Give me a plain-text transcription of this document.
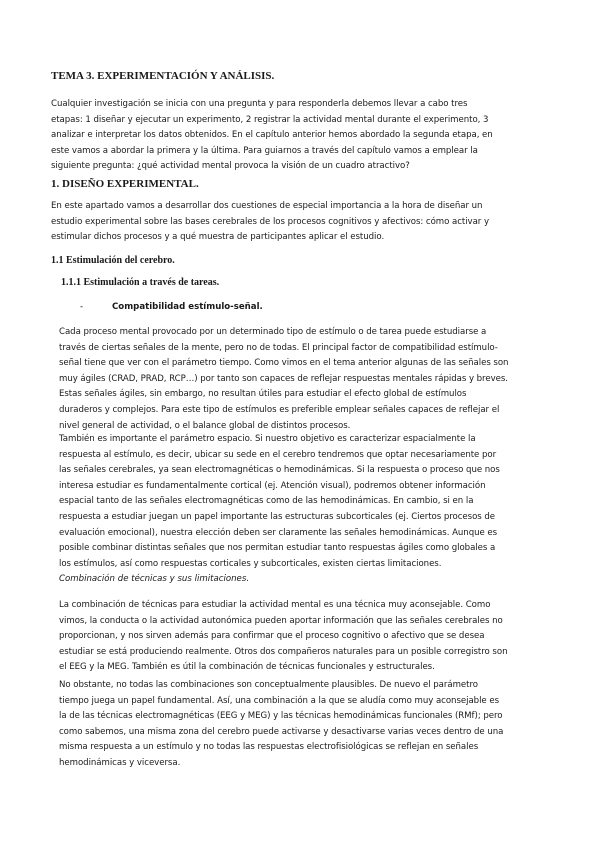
TEMA 3. EXPERIMENTACIÓN Y ANÁLISIS.

Cualquier investigación se inicia con una pregunta y para responderla debemos llevar a cabo tres etapas: 1 diseñar y ejecutar un experimento, 2 registrar la actividad mental durante el experimento, 3 analizar e interpretar los datos obtenidos. En el capítulo anterior hemos abordado la segunda etapa, en este vamos a abordar la primera y la última. Para guiarnos a través del capítulo vamos a emplear la siguiente pregunta: ¿qué actividad mental provoca la visión de un cuadro atractivo?

1. DISEÑO EXPERIMENTAL.

En este apartado vamos a desarrollar dos cuestiones de especial importancia a la hora de diseñar un estudio experimental sobre las bases cerebrales de los procesos cognitivos y afectivos: cómo activar y estimular dichos procesos y a qué muestra de participantes aplicar el estudio.

1.1 Estimulación del cerebro.
1.1.1 Estimulación a través de tareas.
-	Compatibilidad estímulo-señal.

Cada proceso mental provocado por un determinado tipo de estímulo o de tarea puede estudiarse a través de ciertas señales de la mente, pero no de todas. El principal factor de compatibilidad estímulo-señal tiene que ver con el parámetro tiempo. Como vimos en el tema anterior algunas de las señales son muy ágiles (CRAD, PRAD, RCP…) por tanto son capaces de reflejar respuestas mentales rápidas y breves. Estas señales ágiles, sin embargo, no resultan útiles para estudiar el efecto global de estímulos duraderos y complejos. Para este tipo de estímulos es preferible emplear señales capaces de reflejar el nivel general de actividad, o el balance global de distintos procesos.

También es importante el parámetro espacio. Si nuestro objetivo es caracterizar espacialmente la respuesta al estímulo, es decir, ubicar su sede en el cerebro tendremos que optar necesariamente por las señales cerebrales, ya sean electromagnéticas o hemodinámicas. Si la respuesta o proceso que nos interesa estudiar es fundamentalmente cortical (ej. Atención visual), podremos obtener información espacial tanto de las señales electromagnéticas como de las hemodinámicas. En cambio, si en la respuesta a estudiar juegan un papel importante las estructuras subcorticales (ej. Ciertos procesos de evaluación emocional), nuestra elección deben ser claramente las señales hemodinámicas. Aunque es posible combinar distintas señales que nos permitan estudiar tanto respuestas ágiles como globales a los estímulos, así como respuestas corticales y subcorticales, existen ciertas limitaciones.

Combinación de técnicas y sus limitaciones.

La combinación de técnicas para estudiar la actividad mental es una técnica muy aconsejable. Como vimos, la conducta o la actividad autonómica pueden aportar información que las señales cerebrales no proporcionan, y nos sirven además para confirmar que el proceso cognitivo o afectivo que se desea estudiar se está produciendo realmente. Otros dos compañeros naturales para un posible corregistro son el EEG y la MEG. También es útil la combinación de técnicas funcionales y estructurales.

No obstante, no todas las combinaciones son conceptualmente plausibles. De nuevo el parámetro tiempo juega un papel fundamental. Así, una combinación a la que se aludía como muy aconsejable es la de las técnicas electromagnéticas (EEG y MEG) y las técnicas hemodinámicas funcionales (RMf); pero como sabemos, una misma zona del cerebro puede activarse y desactivarse varias veces dentro de una misma respuesta a un estímulo y no todas las respuestas electrofisiológicas se reflejan en señales hemodinámicas y viceversa.
